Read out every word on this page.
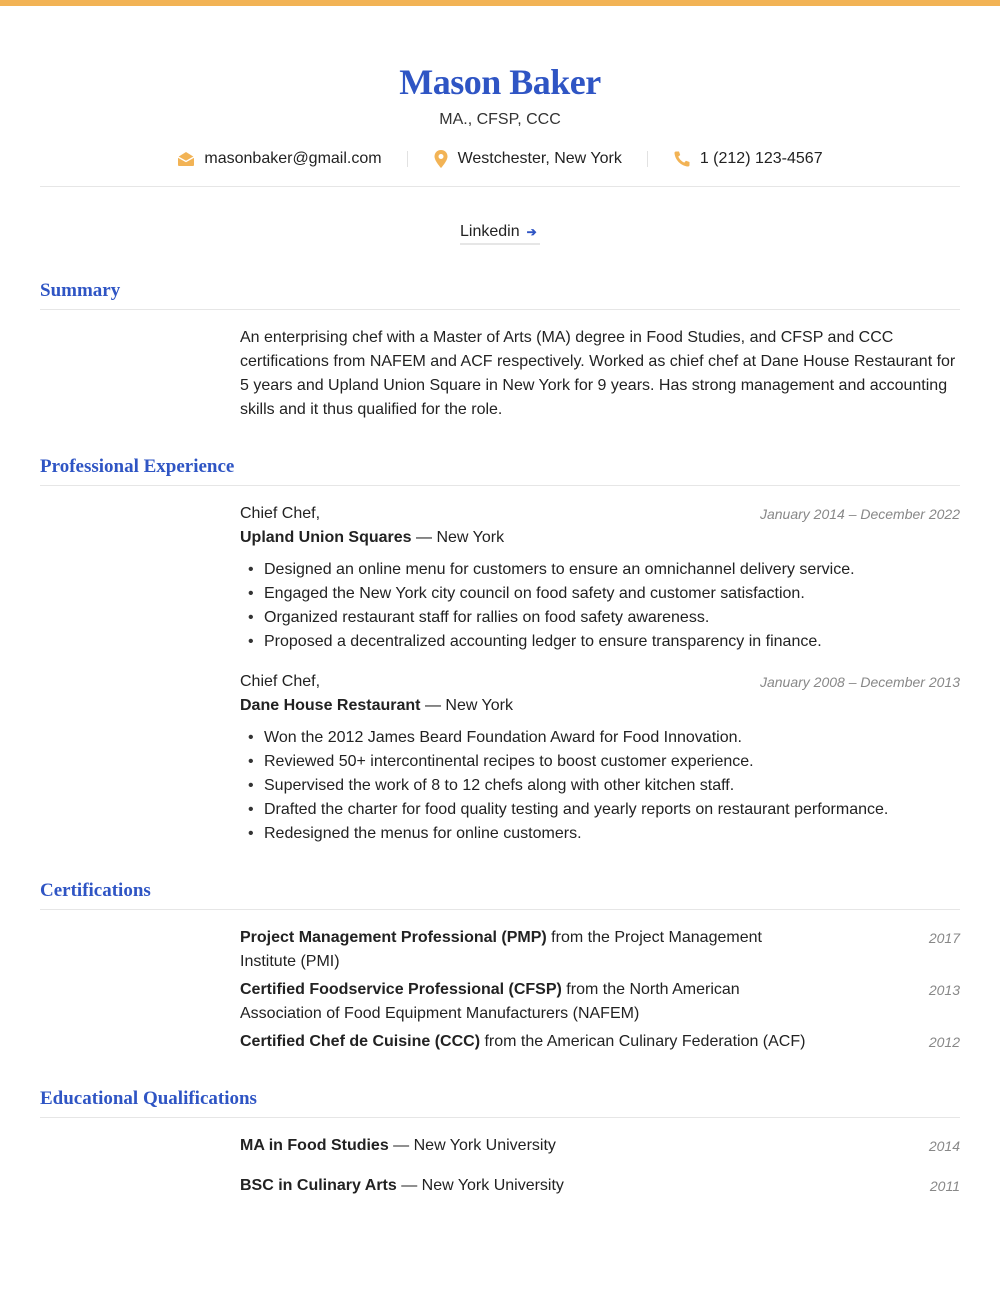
Mason Baker
MA., CFSP, CCC
masonbaker@gmail.com	Westchester, New York	1 (212) 123-4567
Linkedin ➔
Summary
An enterprising chef with a Master of Arts (MA) degree in Food Studies, and CFSP and CCC certifications from NAFEM and ACF respectively. Worked as chief chef at Dane House Restaurant for 5 years and Upland Union Square in New York for 9 years. Has strong management and accounting skills and it thus qualified for the role.
Professional Experience
Chief Chef,
Upland Union Squares — New York
January 2014 – December 2022
• Designed an online menu for customers to ensure an omnichannel delivery service.
• Engaged the New York city council on food safety and customer satisfaction.
• Organized restaurant staff for rallies on food safety awareness.
• Proposed a decentralized accounting ledger to ensure transparency in finance.
Chief Chef,
Dane House Restaurant — New York
January 2008 – December 2013
• Won the 2012 James Beard Foundation Award for Food Innovation.
• Reviewed 50+ intercontinental recipes to boost customer experience.
• Supervised the work of 8 to 12 chefs along with other kitchen staff.
• Drafted the charter for food quality testing and yearly reports on restaurant performance.
• Redesigned the menus for online customers.
Certifications
Project Management Professional (PMP) from the Project Management Institute (PMI)
2017
Certified Foodservice Professional (CFSP) from the North American Association of Food Equipment Manufacturers (NAFEM)
2013
Certified Chef de Cuisine (CCC) from the American Culinary Federation (ACF)	2012
Educational Qualifications
MA in Food Studies — New York University	2014
BSC in Culinary Arts — New York University	2011
